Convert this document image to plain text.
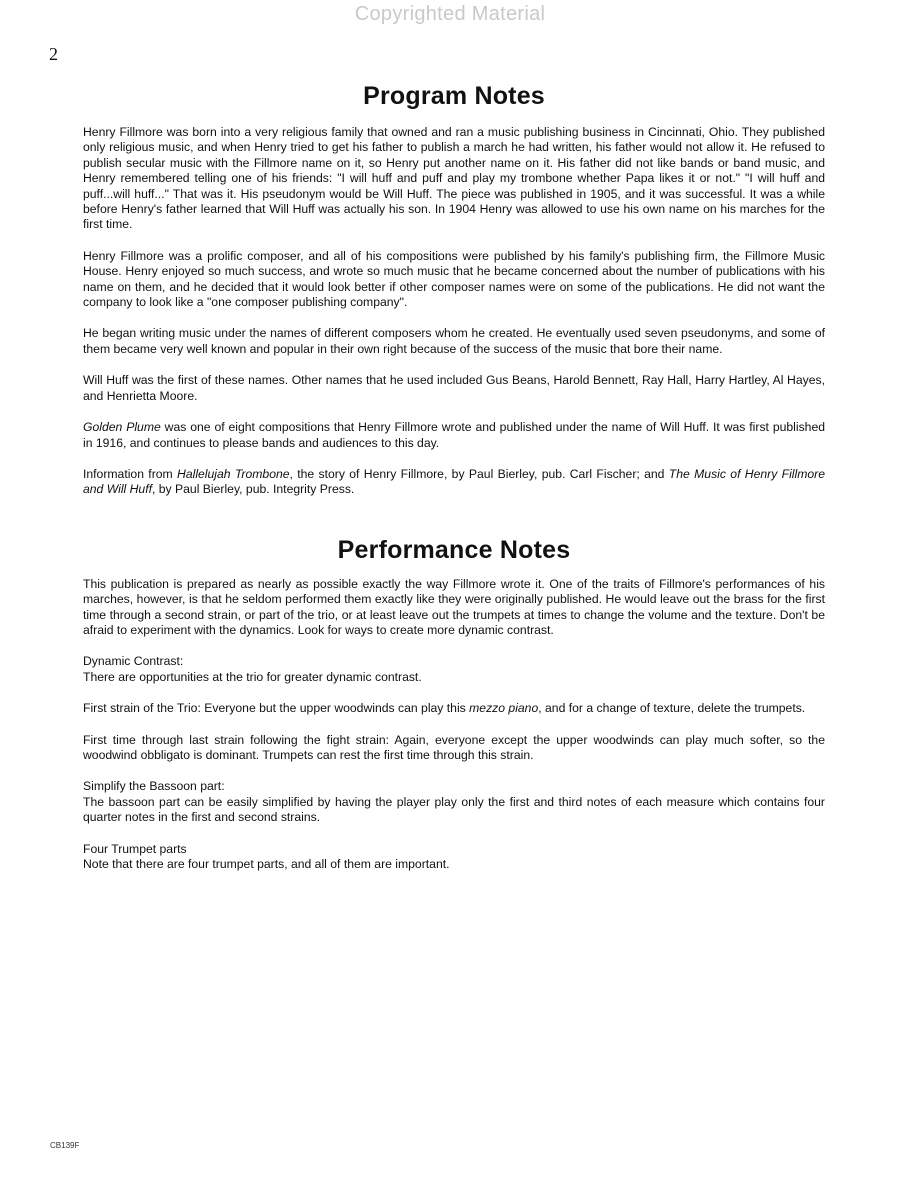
Copyrighted Material
2
Program Notes

Henry Fillmore was born into a very religious family that owned and ran a music publishing business in Cincinnati, Ohio. They published only religious music, and when Henry tried to get his father to publish a march he had written, his father would not allow it. He refused to publish secular music with the Fillmore name on it, so Henry put another name on it. His father did not like bands or band music, and Henry remembered telling one of his friends: "I will huff and puff and play my trombone whether Papa likes it or not." "I will huff and puff...will huff..." That was it. His pseudonym would be Will Huff. The piece was published in 1905, and it was successful. It was a while before Henry's father learned that Will Huff was actually his son. In 1904 Henry was allowed to use his own name on his marches for the first time.

Henry Fillmore was a prolific composer, and all of his compositions were published by his family's publishing firm, the Fillmore Music House. Henry enjoyed so much success, and wrote so much music that he became concerned about the number of publications with his name on them, and he decided that it would look better if other composer names were on some of the publications. He did not want the company to look like a "one composer publishing company".

He began writing music under the names of different composers whom he created. He eventually used seven pseudonyms, and some of them became very well known and popular in their own right because of the success of the music that bore their name.

Will Huff was the first of these names. Other names that he used included Gus Beans, Harold Bennett, Ray Hall, Harry Hartley, Al Hayes, and Henrietta Moore.

Golden Plume was one of eight compositions that Henry Fillmore wrote and published under the name of Will Huff. It was first published in 1916, and continues to please bands and audiences to this day.

Information from Hallelujah Trombone, the story of Henry Fillmore, by Paul Bierley, pub. Carl Fischer; and The Music of Henry Fillmore and Will Huff, by Paul Bierley, pub. Integrity Press.

Performance Notes

This publication is prepared as nearly as possible exactly the way Fillmore wrote it. One of the traits of Fillmore's performances of his marches, however, is that he seldom performed them exactly like they were originally published. He would leave out the brass for the first time through a second strain, or part of the trio, or at least leave out the trumpets at times to change the volume and the texture. Don't be afraid to experiment with the dynamics. Look for ways to create more dynamic contrast.

Dynamic Contrast:
There are opportunities at the trio for greater dynamic contrast.

First strain of the Trio: Everyone but the upper woodwinds can play this mezzo piano, and for a change of texture, delete the trumpets.

First time through last strain following the fight strain: Again, everyone except the upper woodwinds can play much softer, so the woodwind obbligato is dominant. Trumpets can rest the first time through this strain.

Simplify the Bassoon part:
The bassoon part can be easily simplified by having the player play only the first and third notes of each measure which contains four quarter notes in the first and second strains.

Four Trumpet parts
Note that there are four trumpet parts, and all of them are important.

CB139F
